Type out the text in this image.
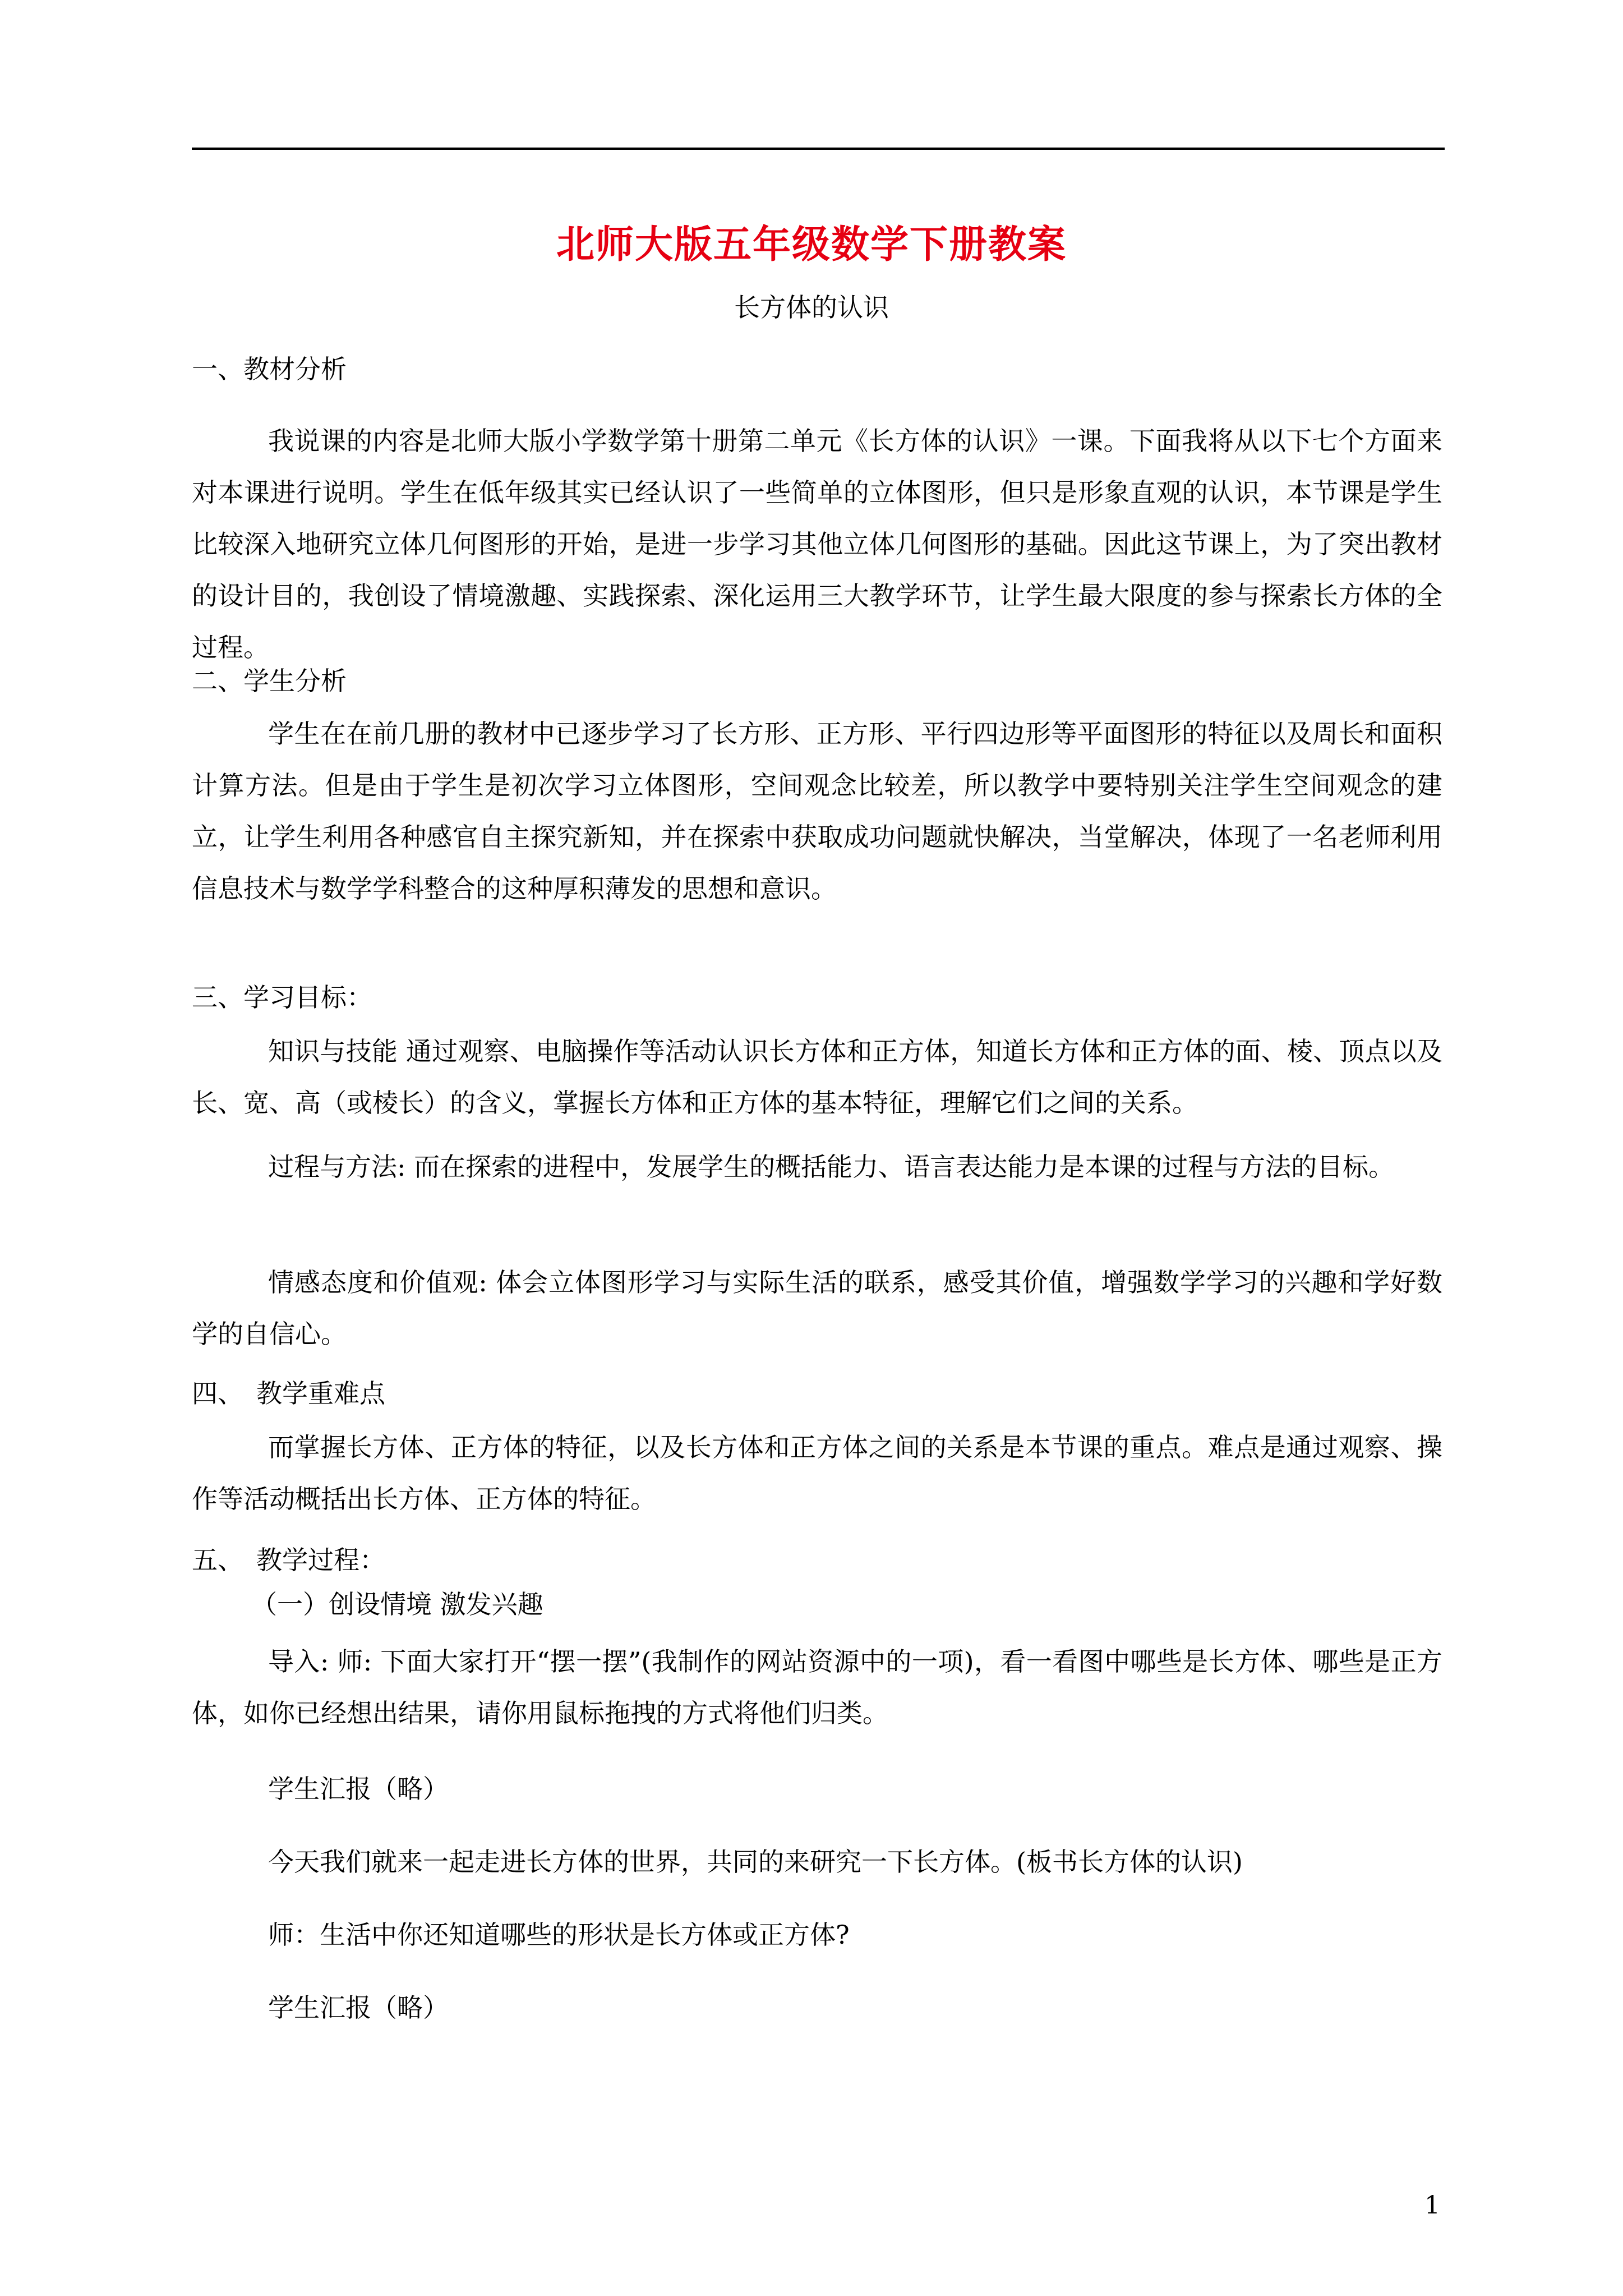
北师大版五年级数学下册教案
长方体的认识
一、教材分析
我说课的内容是北师大版小学数学第十册第二单元《长方体的认识》一课。下面我将从以下七个方面来对本课进行说明。学生在低年级其实已经认识了一些简单的立体图形，但只是形象直观的认识，本节课是学生比较深入地研究立体几何图形的开始，是进一步学习其他立体几何图形的基础。因此这节课上，为了突出教材的设计目的，我创设了情境激趣、实践探索、深化运用三大教学环节，让学生最大限度的参与探索长方体的全过程。
二、学生分析
学生在在前几册的教材中已逐步学习了长方形、正方形、平行四边形等平面图形的特征以及周长和面积计算方法。但是由于学生是初次学习立体图形，空间观念比较差，所以教学中要特别关注学生空间观念的建立，让学生利用各种感官自主探究新知，并在探索中获取成功问题就快解决，当堂解决，体现了一名老师利用信息技术与数学学科整合的这种厚积薄发的思想和意识。
三、学习目标：
知识与技能 通过观察、电脑操作等活动认识长方体和正方体，知道长方体和正方体的面、棱、顶点以及长、宽、高（或棱长）的含义，掌握长方体和正方体的基本特征，理解它们之间的关系。
过程与方法: 而在探索的进程中，发展学生的概括能力、语言表达能力是本课的过程与方法的目标。
情感态度和价值观: 体会立体图形学习与实际生活的联系，感受其价值，增强数学学习的兴趣和学好数学的自信心。
四、　教学重难点
而掌握长方体、正方体的特征，以及长方体和正方体之间的关系是本节课的重点。难点是通过观察、操作等活动概括出长方体、正方体的特征。
五、　教学过程：
（一）创设情境 激发兴趣
导入: 师: 下面大家打开“摆一摆”(我制作的网站资源中的一项)，看一看图中哪些是长方体、哪些是正方体，如你已经想出结果，请你用鼠标拖拽的方式将他们归类。
学生汇报（略）
今天我们就来一起走进长方体的世界，共同的来研究一下长方体。(板书长方体的认识)
师：生活中你还知道哪些的形状是长方体或正方体?
学生汇报（略）
1
